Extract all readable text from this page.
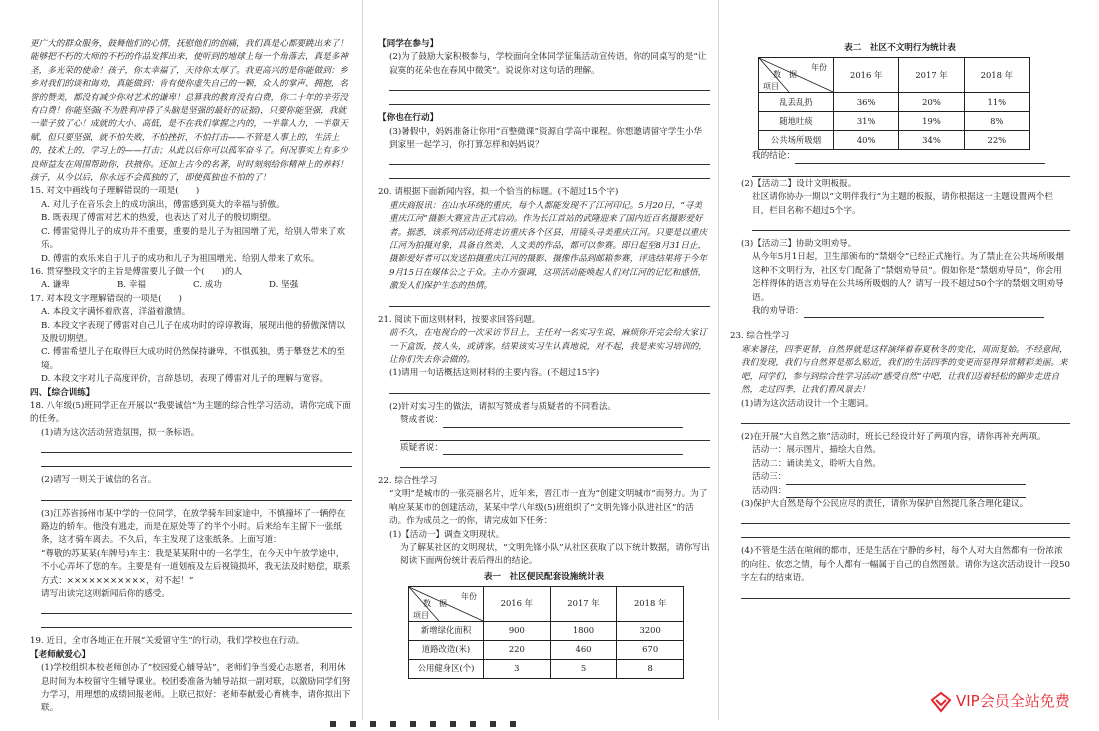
更广大的群众服务，鼓舞他们的心情，抚慰他们的创痛，我们真是心都要跳出来了！能够把不朽的大师的不朽的作品发挥出来，使听到的地球上每一个角落去，真是多神圣，多光荣的使命！孩子，你太幸福了，天待你太厚了。我更高兴的是你能做到：乡乡对我们的谈和诲劝，真能做到：肯有使你虚失自己的一颗，众人的掌声、拥抱，名誉的赞美，都没有减少你对艺术的谦卑！总算我的教育没有白费，你二十年的辛劳没有白费！你能坚强(不为胜利冲昏了头脑是坚强的最好的证据)，只要你能坚强，我就一辈子放了心！成就的大小、高低，是不在我们掌握之内的，一半靠人力，一半靠天赋，但只要坚强，就不怕失败，不怕挫折，不怕打击——不管是人事上的，生活上的，技术上的，学习上的——打击；从此以后你可以孤军奋斗了。何况事实上有多少良师益友在周围帮助你，扶掖你。还加上古今的名著，时时刻刻给你精神上的养料！孩子，从今以后，你永远不会孤独的了，即使孤独也不怕的了！

15. 对文中画线句子理解错误的一项是(　　)

A. 对儿子在音乐会上的成功演出，傅雷感到莫大的幸福与骄傲。

B. 既表现了傅雷对艺术的热爱，也表达了对儿子的殷切期望。

C. 傅雷觉得儿子的成功并不重要，重要的是儿子为祖国增了光，给别人带来了欢乐。

D. 傅雷的欢乐来自于儿子的成功和儿子为祖国增光、给别人带来了欢乐。

16. 贯穿整段文字的主旨是傅雷要儿子做一个(　　)的人

A. 谦卑	B. 幸福	C. 成功	D. 坚强

17. 对本段文字理解错误的一项是(　　)

A. 本段文字满怀着欣喜，洋溢着激情。

B. 本段文字表现了傅雷对自己儿子在成功时的谆谆教诲，展现出他的骄傲深情以及殷切期望。

C. 傅雷希望儿子在取得巨大成功时仍然保持谦卑，不惧孤独，勇于攀登艺术的至境。

D. 本段文字对儿子高度评价，言辞恳切，表现了傅雷对儿子的理解与宽容。

四、【综合训练】

18. 八年级(5)班同学正在开展以“我要诚信”为主题的综合性学习活动，请你完成下面的任务。

(1)请为这次活动营造氛围，拟一条标语。

(2)请写一则关于诚信的名言。

(3)江苏省扬州市某中学的一位同学，在放学骑车回家途中，不慎撞坏了一辆停在路边的轿车。他没有逃走，而是在原处等了约半个小时。后来给车主留下一张纸条，这才骑车离去。不久后，车主发现了这张纸条。上面写道：

“尊敬的苏某某(车牌号)车主：我是某某附中的一名学生，在今天中午放学途中，不小心弄坏了您的车。主要是有一道划痕及左后视镜损坏，我无法及时赔偿，联系方式：×××××××××××，对不起！”

请写出读完这则新闻后你的感受。

19. 近日，全市各地正在开展“关爱留守生”的行动，我们学校也在行动。

【老师献爱心】

(1)学校组织本校老师创办了“校园爱心辅导站”，老师们争当爱心志愿者，利用休息时间为本校留守生辅导课业。校团委准备为辅导站拟一副对联，以激励同学们努力学习，用理想的成绩回报老师。上联已拟好：老师奉献爱心育桃李，请你拟出下联。

【同学在参与】

(2)为了鼓励大家积极参与，学校面向全体同学征集活动宣传语，你的同桌写的是“让寂寞的花朵也在春风中微笑”。说说你对这句话的理解。

【你也在行动】

(3)暑假中，妈妈准备让你用“百整微课”资源自学高中课程。你想邀请留守学生小华到家里一起学习，你打算怎样和妈妈说？

20. 请根据下面新闻内容，拟一个恰当的标题。(不超过15个字)

重庆商报讯：在山水环绕的重庆，每个人都能发现不了江河印记。5月20日，“寻美重庆江河”摄影大赛宣告正式启动。作为长江首站的武隆迎来了国内近百名摄影爱好者。据悉，该系列活动还将走访重庆各个区县，用镜头寻美重庆江河。只要是以重庆江河为拍摄对象，具备自然美、人文美的作品，都可以参赛。即日起至8月31日止，摄影爱好者可以发送拍摄重庆江河的摄影、摄像作品到邮箱参赛，评选结果将于今年9月15日在媒体公之于众。主办方强调，这项活动能唤起人们对江河的记忆和感悟，激发人们保护生态的热情。

21. 阅读下面这则材料，按要求回答问题。

前不久，在电视台的一次采访节目上，主任对一名实习生说，麻烦你开完会给大家订一下盒饭，按人头，或请客。结果该实习生认真地说，对不起，我是来实习培训的，让你们失去你会做的。

(1)请用一句话概括这则材料的主要内容。(不超过15字)

(2)针对实习生的做法，请拟写赞成者与质疑者的不同看法。

赞成者说：

质疑者说：

22. 综合性学习

“文明”是城市的一张亮丽名片，近年来，晋江市一直为“创建文明城市”而努力。为了响应某某市的创建活动，某某中学八年级(5)班组织了“文明先锋小队进社区”的活动。作为成员之一的你，请完成如下任务：

(1)【活动一】调查文明现状。

为了解某社区的文明现状，“文明先锋小队”从社区获取了以下统计数据，请你写出阅读下面两份统计表后得出的结论。

表一　社区便民配套设施统计表

年份
数　据
项目	2016 年	2017 年	2018 年
新增绿化面积	900	1800	3200
道路改造(米)	220	460	670
公用健身区(个)	3	5	8

表二　社区不文明行为统计表

年份
数　据
项目	2016 年	2017 年	2018 年
乱丢乱扔	36%	20%	11%
随地吐痰	31%	19%	8%
公共场所吸烟	40%	34%	22%

我的结论：

(2)【活动二】设计文明板报。

社区请你协办一期以“文明伴我行”为主题的板报，请你根据这一主题设置两个栏目，栏目名称不超过5个字。

(3)【活动三】协助文明劝导。

从今年5月1日起，卫生部颁布的“禁烟令”已经正式施行。为了禁止在公共场所吸烟这种不文明行为，社区专门配备了“禁烟劝导员”。假如你是“禁烟劝导员”，你会用怎样得体的语言劝导在公共场所吸烟的人？请写一段不超过50个字的禁烟文明劝导语。

我的劝导语：

23. 综合性学习

寒来暑往，四季更替，自然界就是这样演绎着春夏秋冬的变化，周而复始。不经意间，我们发现，我们与自然界是那么贴近，我们的生活四季的变更而显得异常精彩美丽。来吧，同学们，参与到综合性学习活动“感受自然”中吧，让我们迈着轻松的脚步走进自然，走过四季，让我们看风景去！

(1)请为这次活动设计一个主题词。

(2)在开展“大自然之旅”活动时，班长已经设计好了两项内容，请你再补充两项。

活动一：展示图片，描绘大自然。

活动二：诵读美文，聆听大自然。

活动三：

活动四：

(3)保护大自然是每个公民应尽的责任，请你为保护自然提几条合理化建议。

(4)不管是生活在喧闹的都市，还是生活在宁静的乡村，每个人对大自然都有一份浓浓的向往、依恋之情，每个人都有一幅属于自己的自然图景。请你为这次活动设计一段50字左右的结束语。

VIP会员全站免费
